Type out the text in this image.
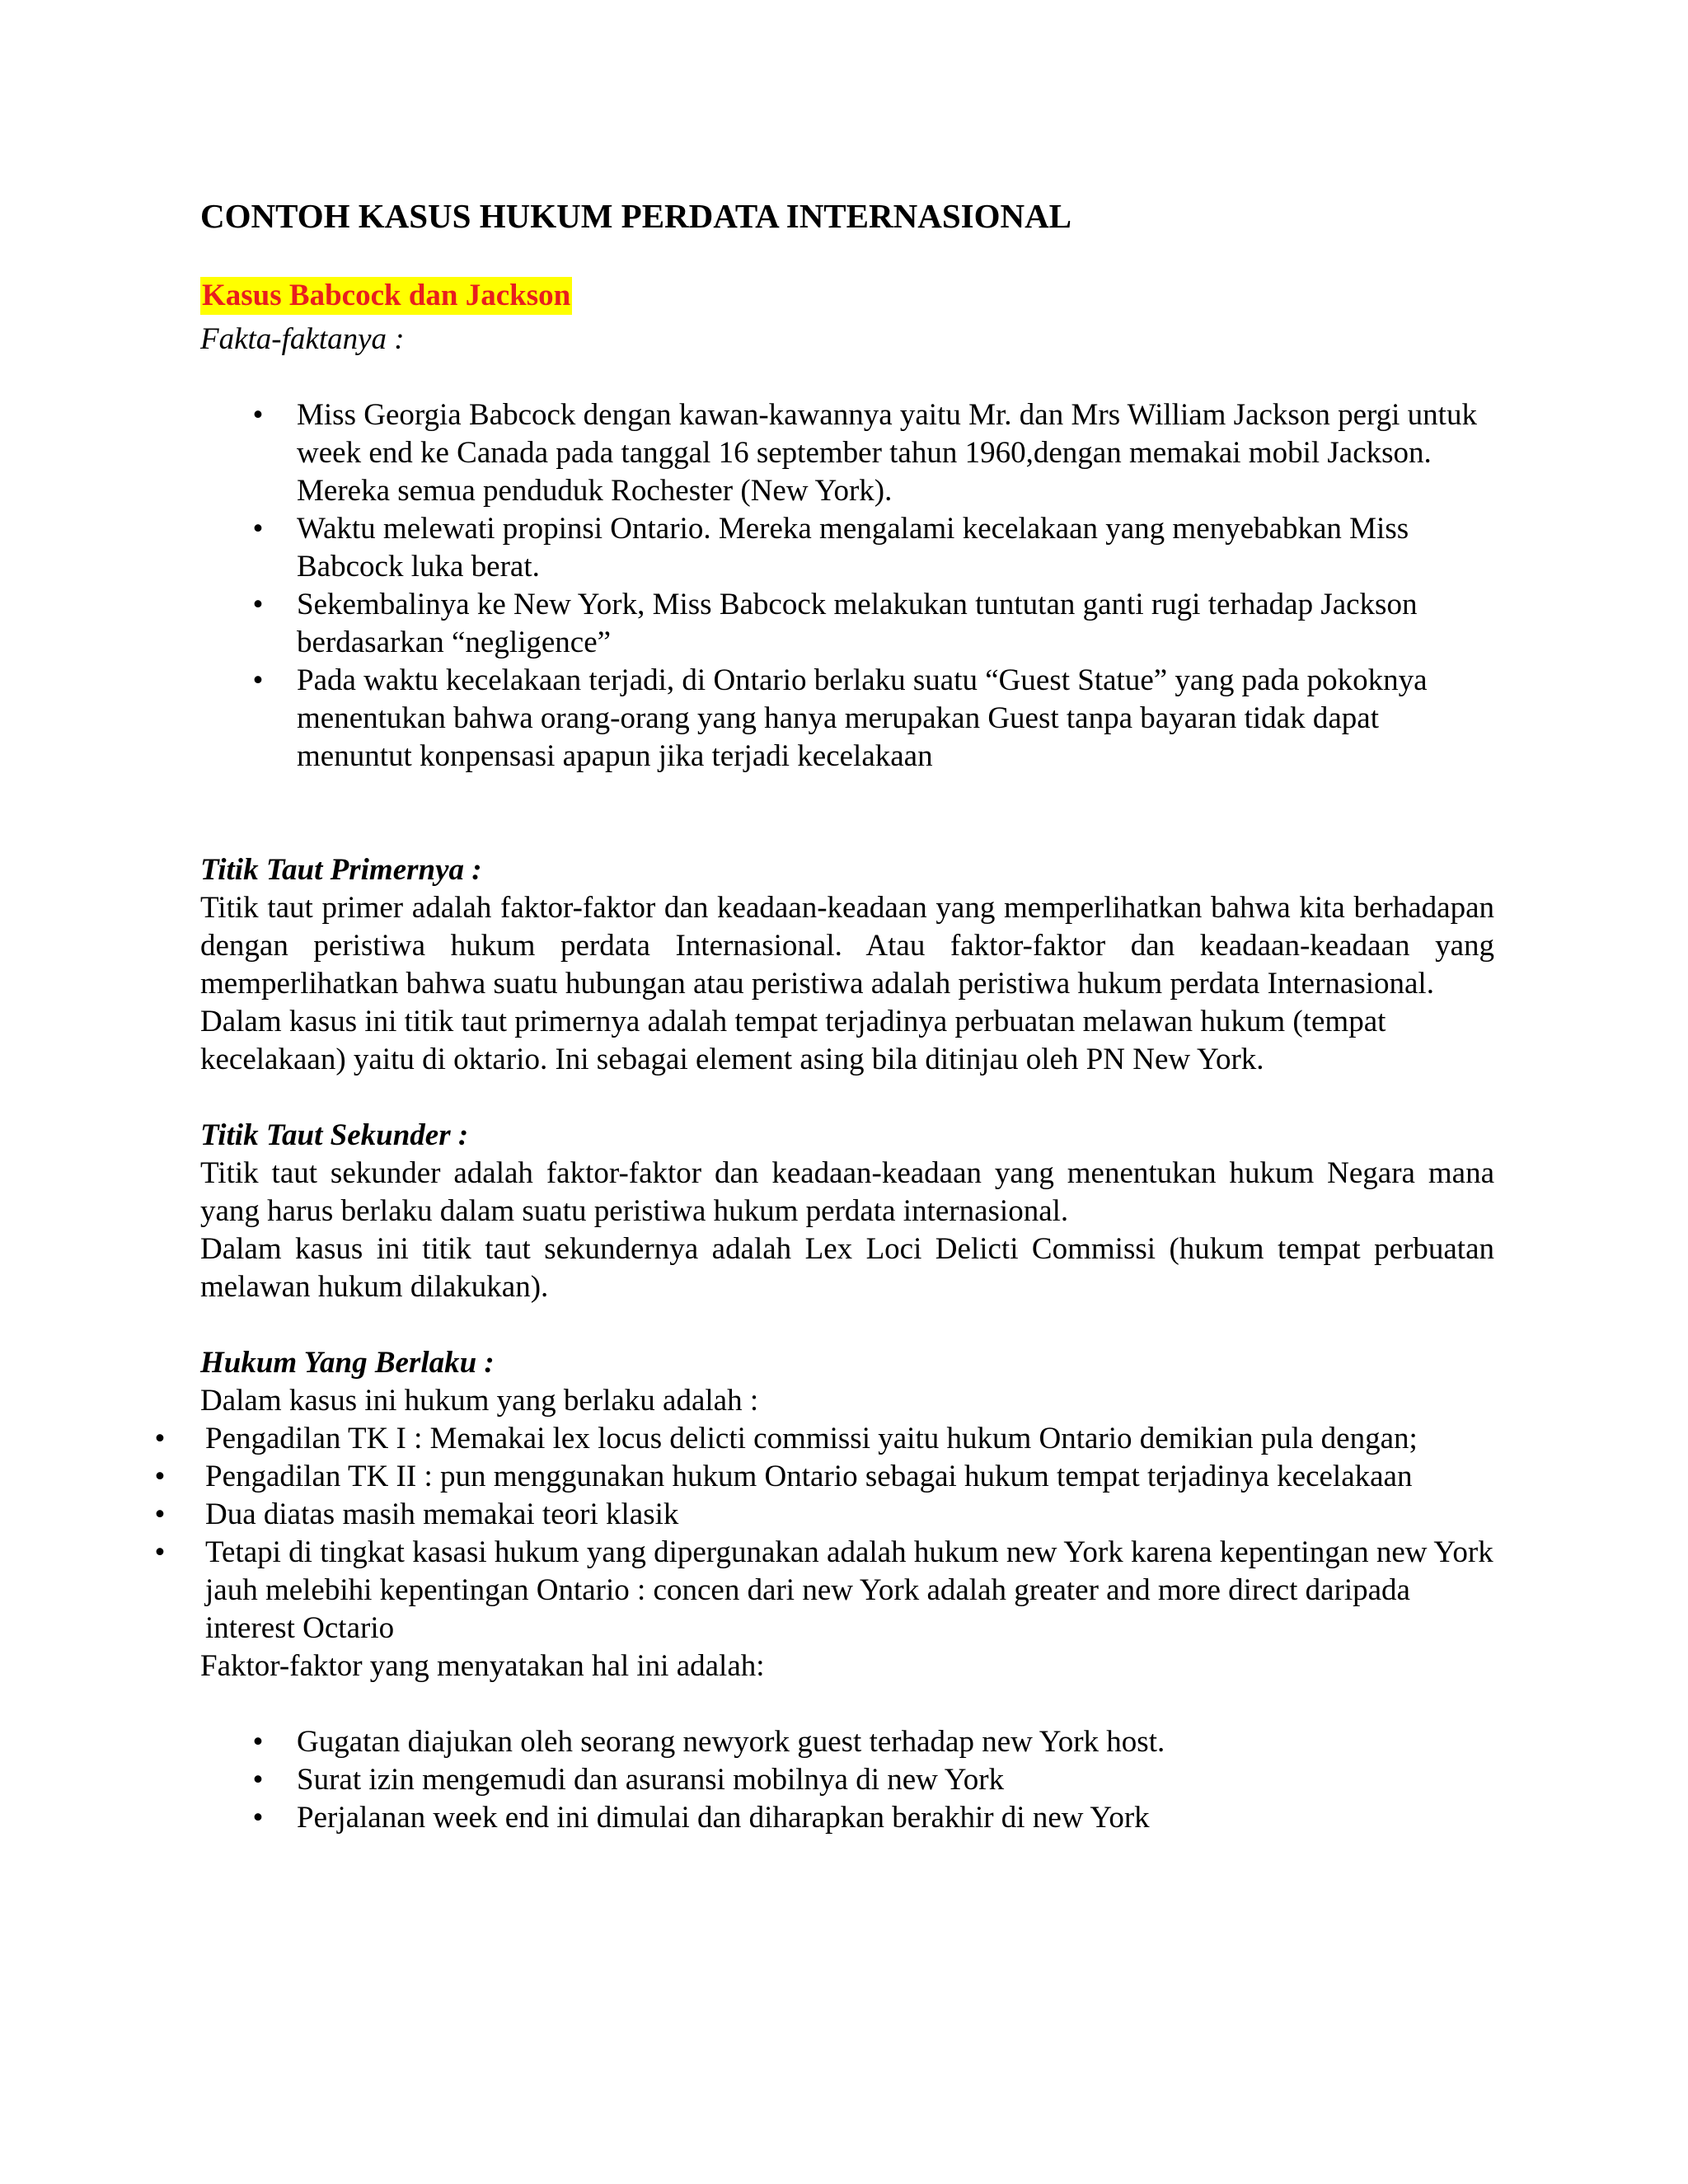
CONTOH KASUS HUKUM PERDATA INTERNASIONAL
Kasus Babcock dan Jackson
Fakta-faktanya :
• Miss Georgia Babcock dengan kawan-kawannya yaitu Mr. dan Mrs William Jackson pergi untuk week end ke Canada pada tanggal 16 september tahun 1960,dengan memakai mobil Jackson. Mereka semua penduduk Rochester (New York).
• Waktu melewati propinsi Ontario. Mereka mengalami kecelakaan yang menyebabkan Miss Babcock luka berat.
• Sekembalinya ke New York, Miss Babcock melakukan tuntutan ganti rugi terhadap Jackson berdasarkan “negligence”
• Pada waktu kecelakaan terjadi, di Ontario berlaku suatu “Guest Statue” yang pada pokoknya menentukan bahwa orang-orang yang hanya merupakan Guest tanpa bayaran tidak dapat menuntut konpensasi apapun jika terjadi kecelakaan
Titik Taut Primernya :
Titik taut primer adalah faktor-faktor dan keadaan-keadaan yang memperlihatkan bahwa kita berhadapan dengan peristiwa hukum perdata Internasional. Atau faktor-faktor dan keadaan-keadaan yang memperlihatkan bahwa suatu hubungan atau peristiwa adalah peristiwa hukum perdata Internasional.
Dalam kasus ini titik taut primernya adalah tempat terjadinya perbuatan melawan hukum (tempat kecelakaan) yaitu di oktario. Ini sebagai element asing bila ditinjau oleh PN New York.
Titik Taut Sekunder :
Titik taut sekunder adalah faktor-faktor dan keadaan-keadaan yang menentukan hukum Negara mana yang harus berlaku dalam suatu peristiwa hukum perdata internasional.
Dalam kasus ini titik taut sekundernya adalah Lex Loci Delicti Commissi (hukum tempat perbuatan melawan hukum dilakukan).
Hukum Yang Berlaku :
Dalam kasus ini hukum yang berlaku adalah :
• Pengadilan TK I : Memakai lex locus delicti commissi yaitu hukum Ontario demikian pula dengan;
• Pengadilan TK II : pun menggunakan hukum Ontario sebagai hukum tempat terjadinya kecelakaan
• Dua diatas masih memakai teori klasik
• Tetapi di tingkat kasasi hukum yang dipergunakan adalah hukum new York karena kepentingan new York jauh melebihi kepentingan Ontario : concen dari new York adalah greater and more direct daripada interest Octario
Faktor-faktor yang menyatakan hal ini adalah:
• Gugatan diajukan oleh seorang newyork guest terhadap new York host.
• Surat izin mengemudi dan asuransi mobilnya di new York
• Perjalanan week end ini dimulai dan diharapkan berakhir di new York
